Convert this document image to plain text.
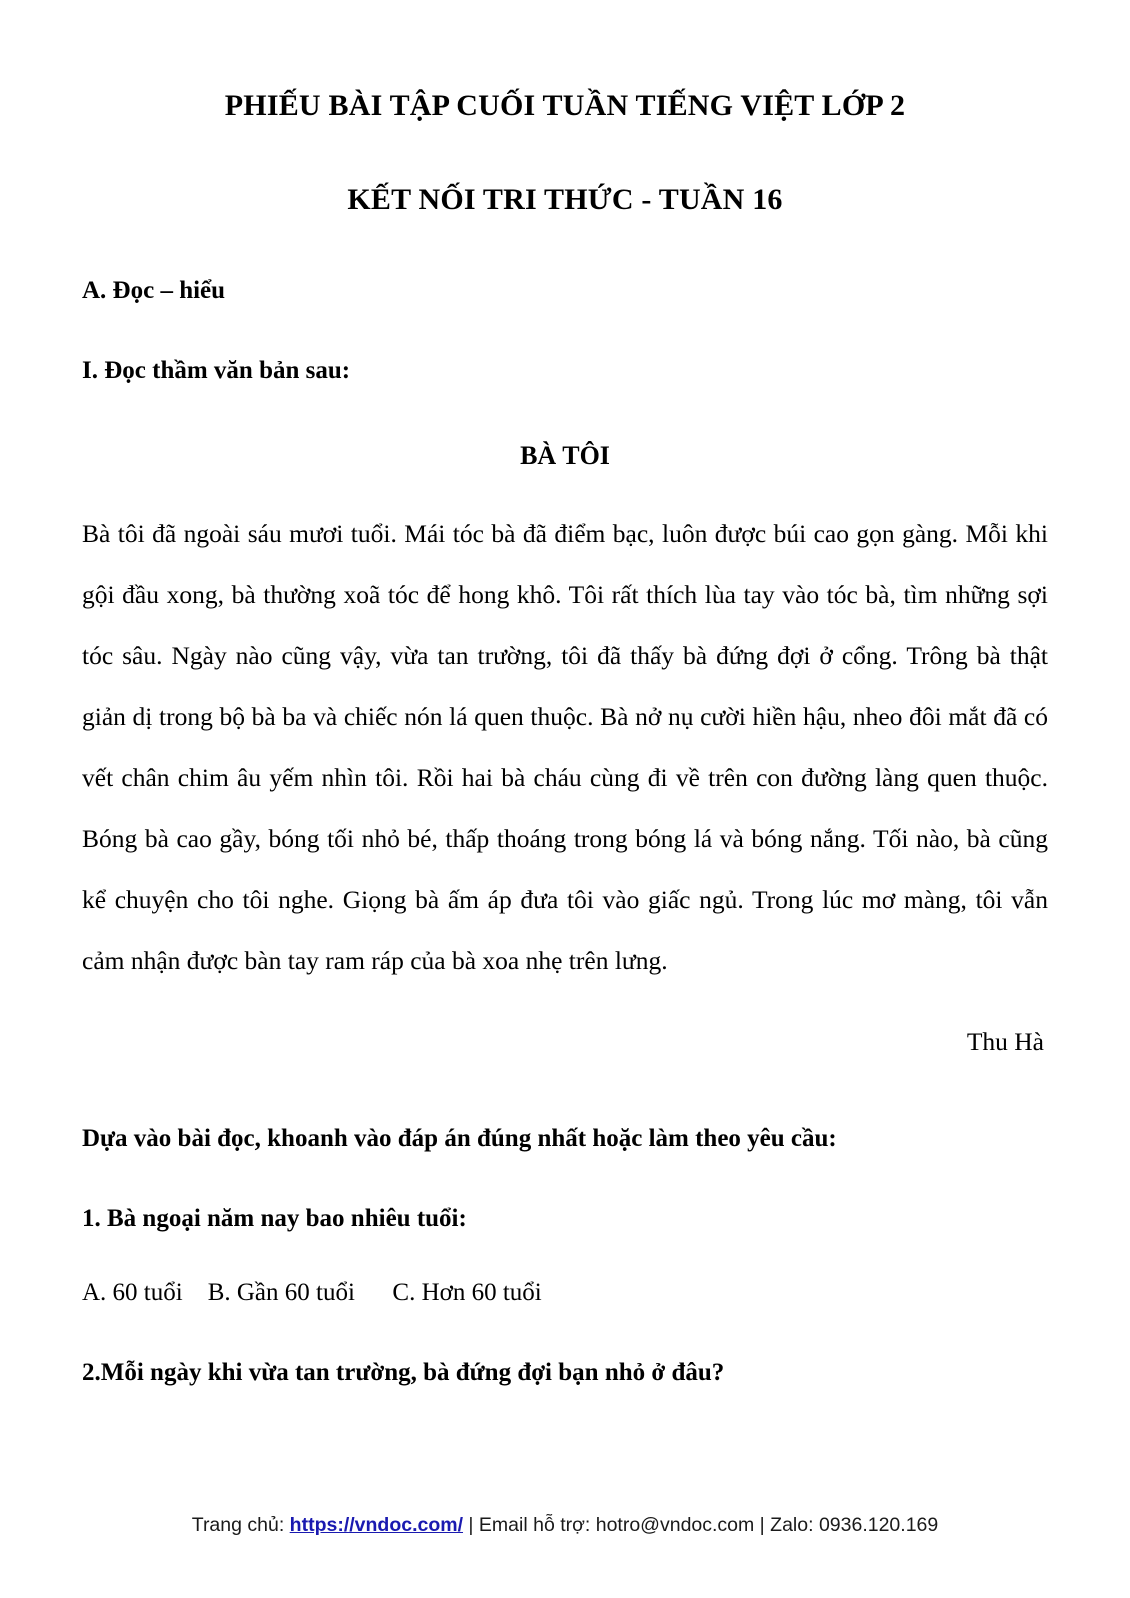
PHIẾU BÀI TẬP CUỐI TUẦN TIẾNG VIỆT LỚP 2
KẾT NỐI TRI THỨC - TUẦN 16

A. Đọc – hiểu

I. Đọc thầm văn bản sau:

BÀ TÔI

Bà tôi đã ngoài sáu mươi tuổi. Mái tóc bà đã điểm bạc, luôn được búi cao gọn gàng. Mỗi khi gội đầu xong, bà thường xoã tóc để hong khô. Tôi rất thích lùa tay vào tóc bà, tìm những sợi tóc sâu. Ngày nào cũng vậy, vừa tan trường, tôi đã thấy bà đứng đợi ở cổng. Trông bà thật giản dị trong bộ bà ba và chiếc nón lá quen thuộc. Bà nở nụ cười hiền hậu, nheo đôi mắt đã có vết chân chim âu yếm nhìn tôi. Rồi hai bà cháu cùng đi về trên con đường làng quen thuộc. Bóng bà cao gầy, bóng tối nhỏ bé, thấp thoáng trong bóng lá và bóng nắng. Tối nào, bà cũng kể chuyện cho tôi nghe. Giọng bà ấm áp đưa tôi vào giấc ngủ. Trong lúc mơ màng, tôi vẫn cảm nhận được bàn tay ram ráp của bà xoa nhẹ trên lưng.

Thu Hà

Dựa vào bài đọc, khoanh vào đáp án đúng nhất hoặc làm theo yêu cầu:

1. Bà ngoại năm nay bao nhiêu tuổi:

A. 60 tuổi    B. Gần 60 tuổi      C. Hơn 60 tuổi

2.Mỗi ngày khi vừa tan trường, bà đứng đợi bạn nhỏ ở đâu?

Trang chủ: https://vndoc.com/ | Email hỗ trợ: hotro@vndoc.com | Zalo: 0936.120.169
